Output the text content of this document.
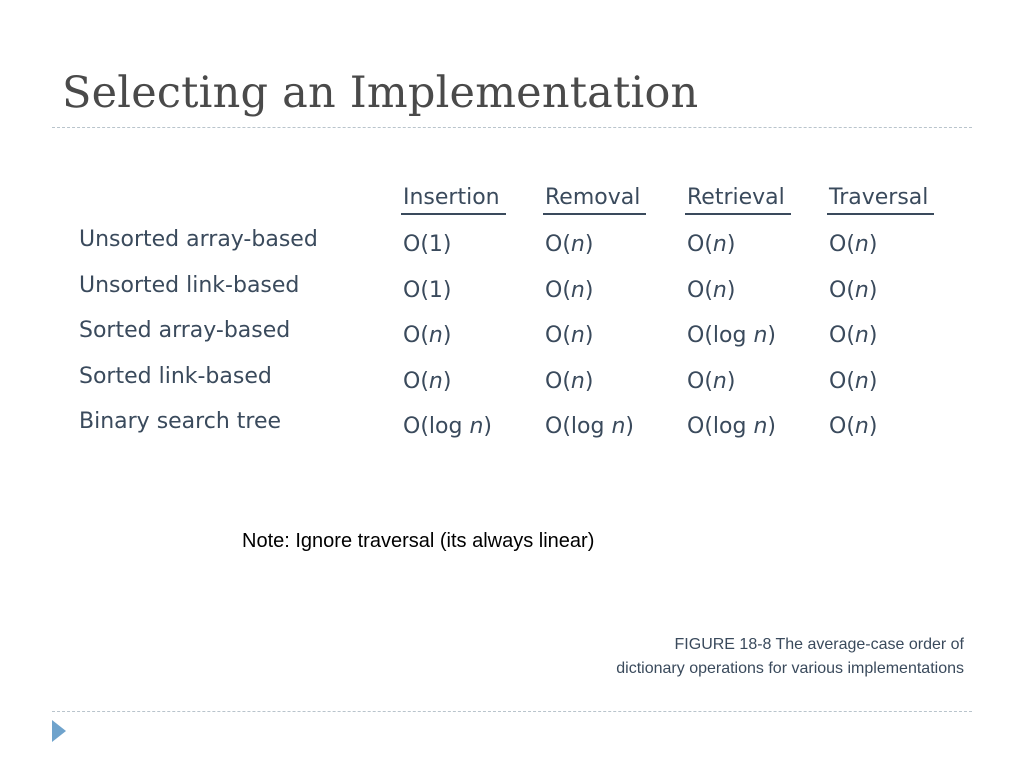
Selecting an Implementation
	Insertion	Removal	Retrieval	Traversal
Unsorted array-based	O(1)	O(n)	O(n)	O(n)
Unsorted link-based	O(1)	O(n)	O(n)	O(n)
Sorted array-based	O(n)	O(n)	O(log n)	O(n)
Sorted link-based	O(n)	O(n)	O(n)	O(n)
Binary search tree	O(log n)	O(log n)	O(log n)	O(n)
Note: Ignore traversal (its always linear)
FIGURE 18-8 The average-case order of
dictionary operations for various implementations
